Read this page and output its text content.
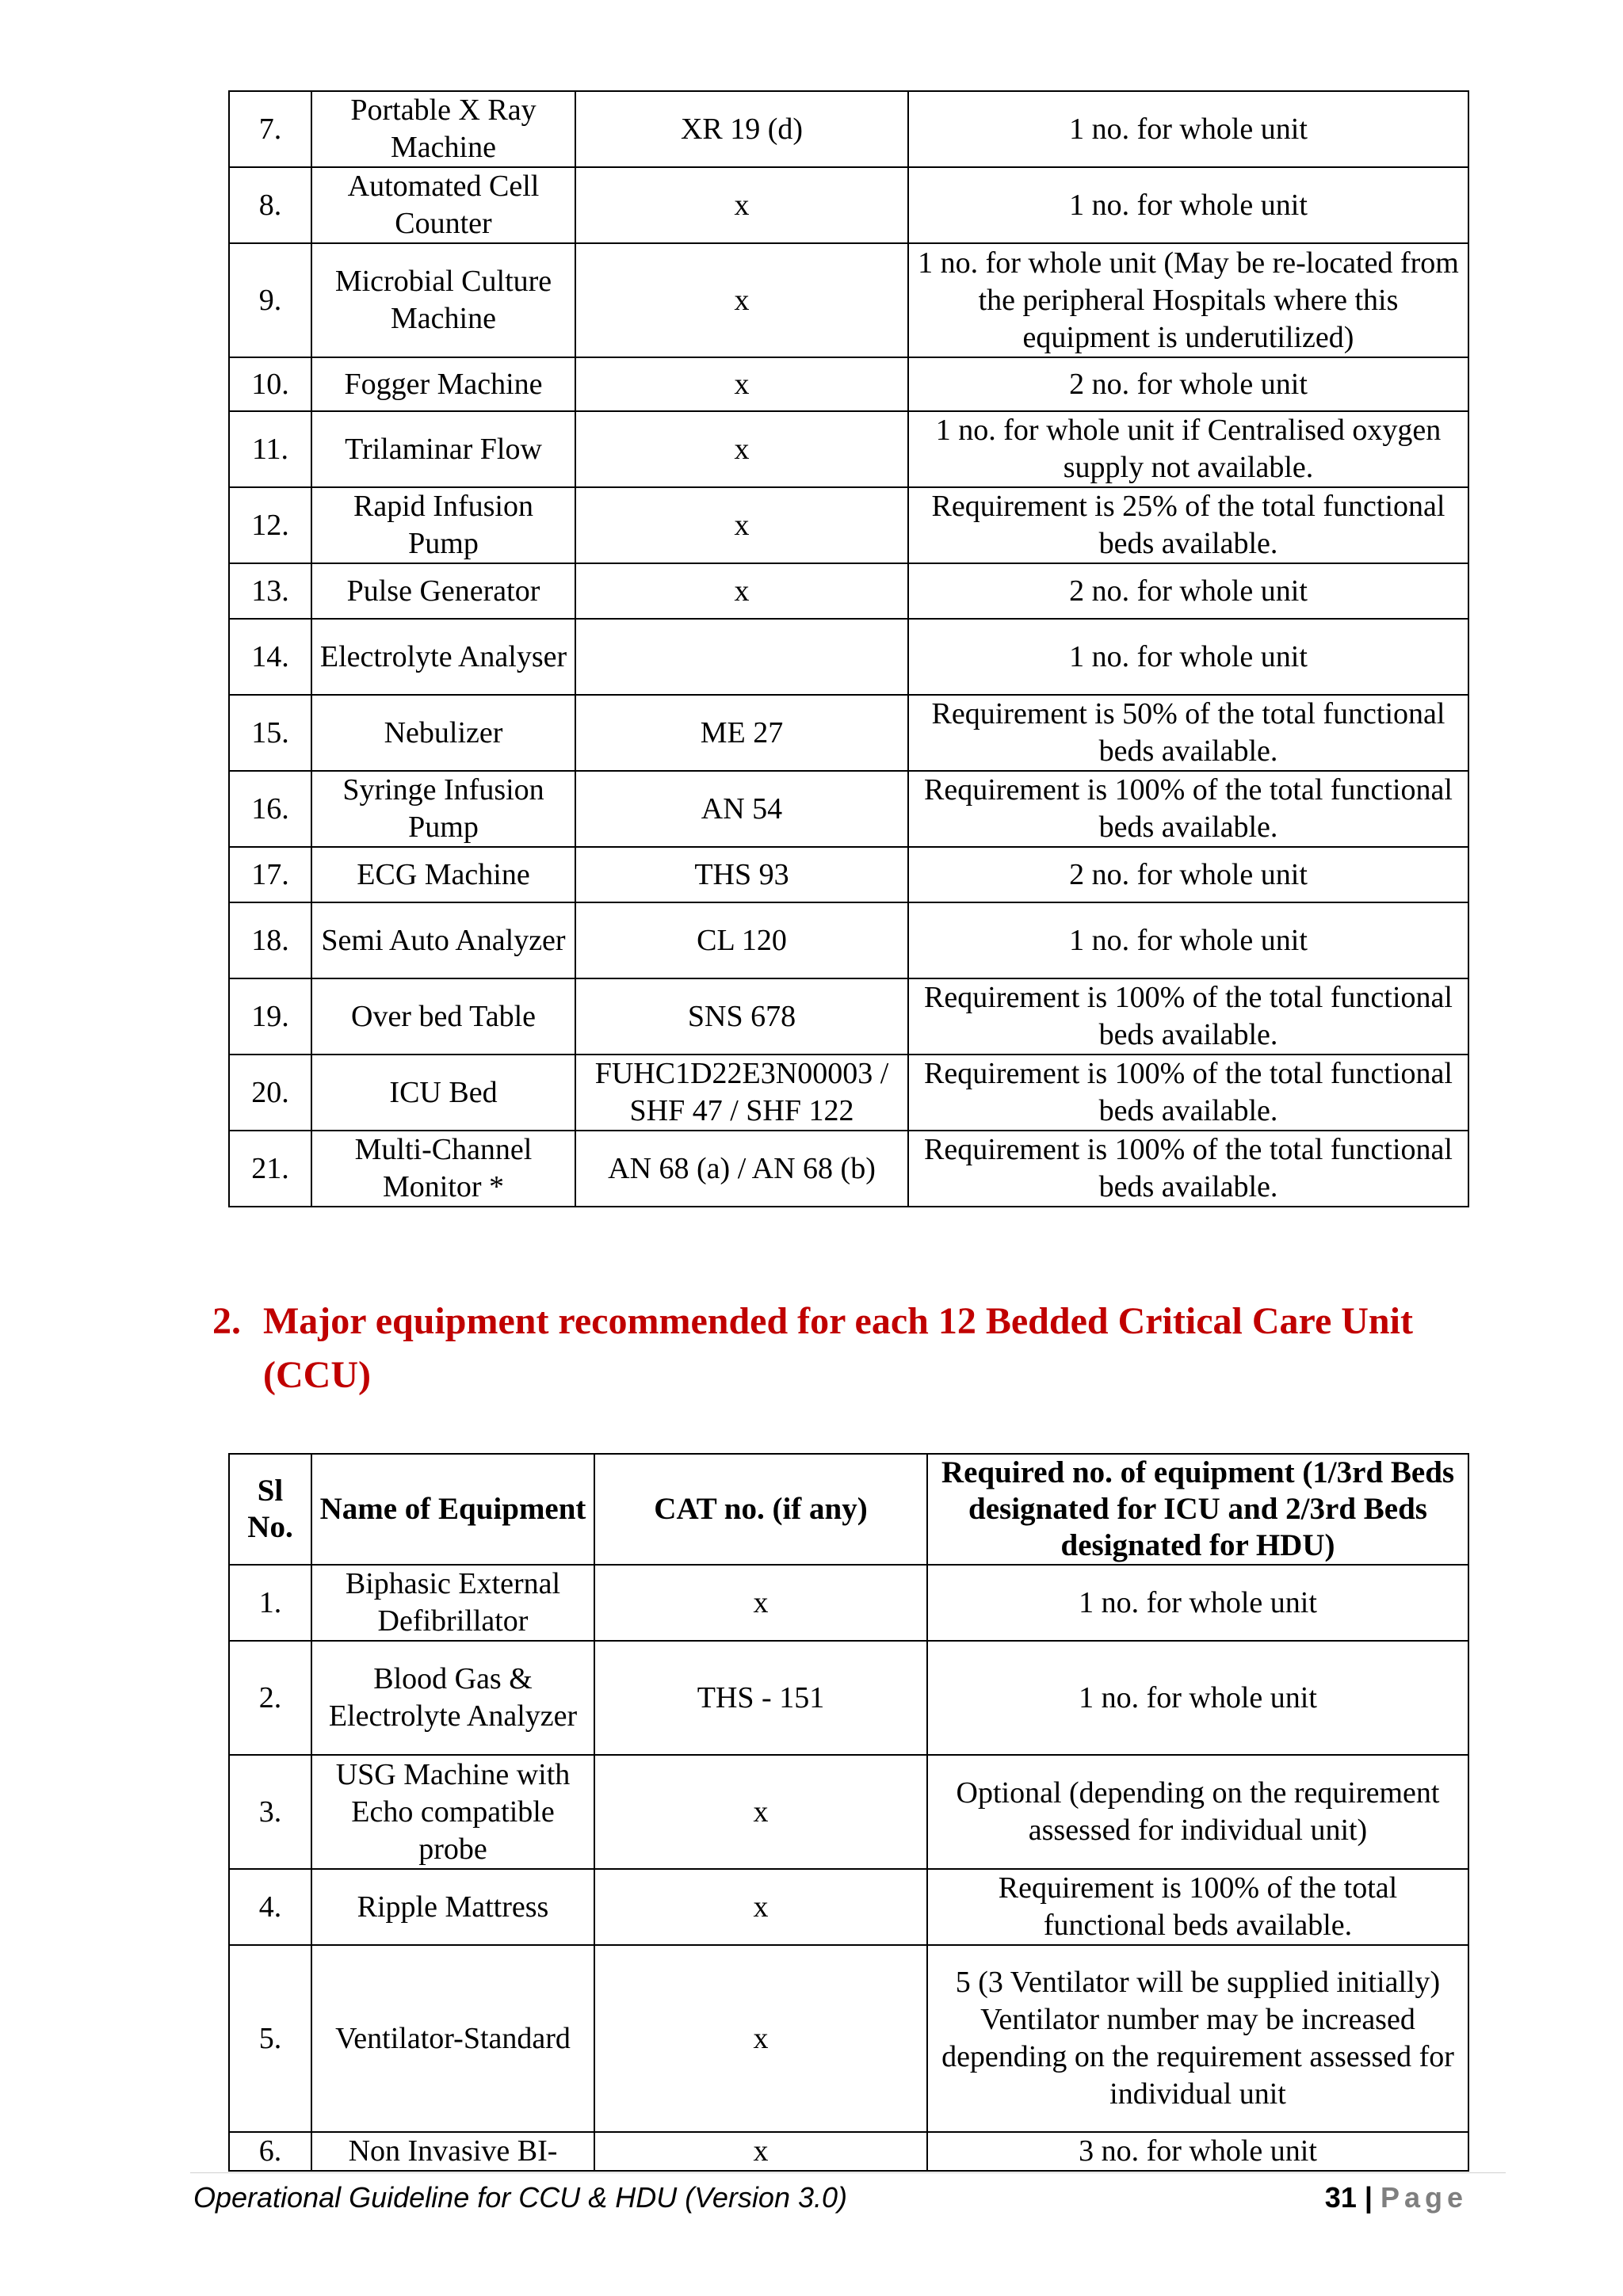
7.	Portable X Ray Machine	XR 19 (d)	1 no. for whole unit
8.	Automated Cell Counter	x	1 no. for whole unit
9.	Microbial Culture Machine	x	1 no. for whole unit (May be re-located from the peripheral Hospitals where this equipment is underutilized)
10.	Fogger Machine	x	2 no. for whole unit
11.	Trilaminar Flow	x	1 no. for whole unit if Centralised oxygen supply not available.
12.	Rapid Infusion Pump	x	Requirement is 25% of the total functional beds available.
13.	Pulse Generator	x	2 no. for whole unit
14.	Electrolyte Analyser		1 no. for whole unit
15.	Nebulizer	ME 27	Requirement is 50% of the total functional beds available.
16.	Syringe Infusion Pump	AN 54	Requirement is 100% of the total functional beds available.
17.	ECG Machine	THS 93	2 no. for whole unit
18.	Semi Auto Analyzer	CL 120	1 no. for whole unit
19.	Over bed Table	SNS 678	Requirement is 100% of the total functional beds available.
20.	ICU Bed	FUHC1D22E3N00003 / SHF 47 / SHF 122	Requirement is 100% of the total functional beds available.
21.	Multi-Channel Monitor *	AN 68 (a) / AN 68 (b)	Requirement is 100% of the total functional beds available.
2. Major equipment recommended for each 12 Bedded Critical Care Unit (CCU)
Sl No.	Name of Equipment	CAT no. (if any)	Required no. of equipment (1/3rd Beds designated for ICU and 2/3rd Beds designated for HDU)
1.	Biphasic External Defibrillator	x	1 no. for whole unit
2.	Blood Gas & Electrolyte Analyzer	THS - 151	1 no. for whole unit
3.	USG Machine with Echo compatible probe	x	Optional (depending on the requirement assessed for individual unit)
4.	Ripple Mattress	x	Requirement is 100% of the total functional beds available.
5.	Ventilator-Standard	x	5 (3 Ventilator will be supplied initially) Ventilator number may be increased depending on the requirement assessed for individual unit
6.	Non Invasive BI-	x	3 no. for whole unit
Operational Guideline for CCU & HDU (Version 3.0)	31 | Page
